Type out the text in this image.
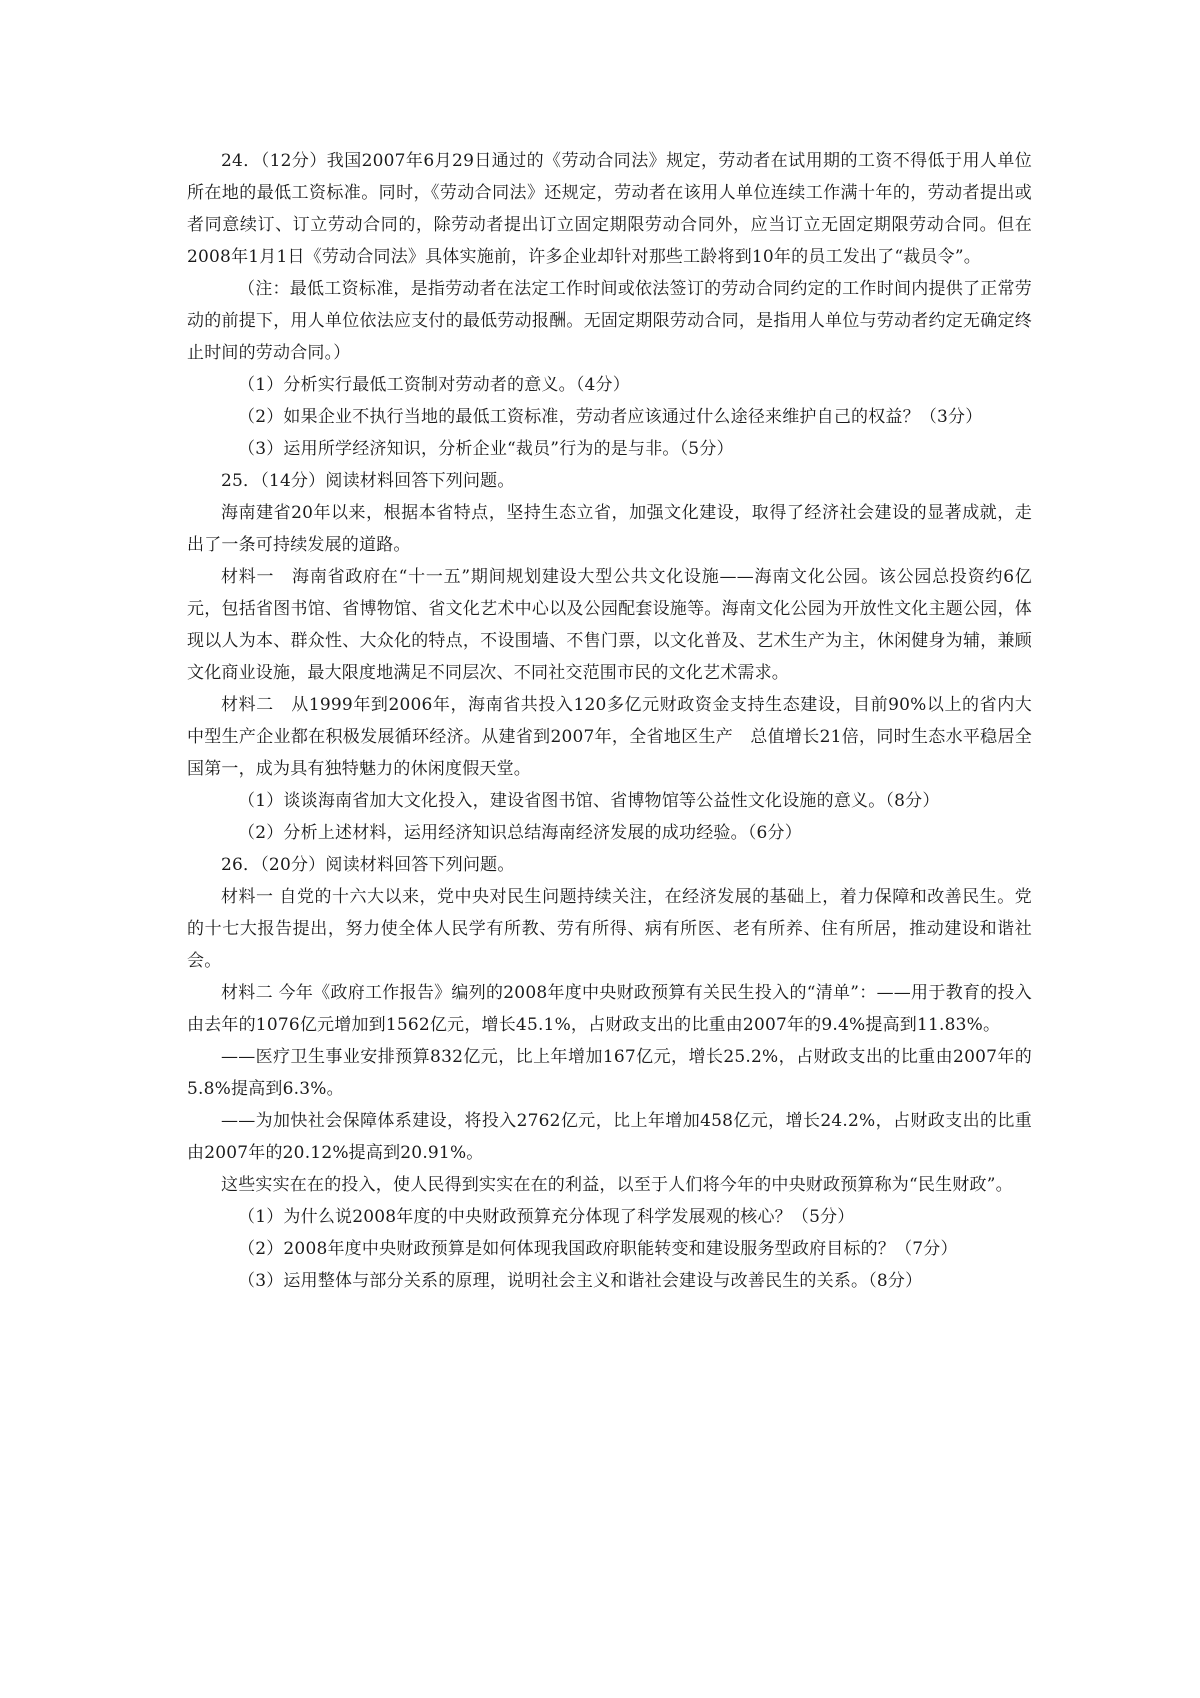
24．（12分）我国2007年6月29日通过的《劳动合同法》规定，劳动者在试用期的工资不得低于用人单位所在地的最低工资标准。同时，《劳动合同法》还规定，劳动者在该用人单位连续工作满十年的，劳动者提出或者同意续订、订立劳动合同的，除劳动者提出订立固定期限劳动合同外，应当订立无固定期限劳动合同。但在2008年1月1日《劳动合同法》具体实施前，许多企业却针对那些工龄将到10年的员工发出了“裁员令”。

（注：最低工资标准，是指劳动者在法定工作时间或依法签订的劳动合同约定的工作时间内提供了正常劳动的前提下，用人单位依法应支付的最低劳动报酬。无固定期限劳动合同，是指用人单位与劳动者约定无确定终止时间的劳动合同。）

（1）分析实行最低工资制对劳动者的意义。（4分）

（2）如果企业不执行当地的最低工资标准，劳动者应该通过什么途径来维护自己的权益？（3分）

（3）运用所学经济知识，分析企业“裁员”行为的是与非。（5分）

25．（14分）阅读材料回答下列问题。

海南建省20年以来，根据本省特点，坚持生态立省，加强文化建设，取得了经济社会建设的显著成就，走出了一条可持续发展的道路。

材料一　海南省政府在“十一五”期间规划建设大型公共文化设施——海南文化公园。该公园总投资约6亿元，包括省图书馆、省博物馆、省文化艺术中心以及公园配套设施等。海南文化公园为开放性文化主题公园，体现以人为本、群众性、大众化的特点，不设围墙、不售门票，以文化普及、艺术生产为主，休闲健身为辅，兼顾文化商业设施，最大限度地满足不同层次、不同社交范围市民的文化艺术需求。

材料二　从1999年到2006年，海南省共投入120多亿元财政资金支持生态建设，目前90%以上的省内大中型生产企业都在积极发展循环经济。从建省到2007年，全省地区生产　总值增长21倍，同时生态水平稳居全国第一，成为具有独特魅力的休闲度假天堂。

（1）谈谈海南省加大文化投入，建设省图书馆、省博物馆等公益性文化设施的意义。（8分）

（2）分析上述材料，运用经济知识总结海南经济发展的成功经验。（6分）

26．（20分）阅读材料回答下列问题。

材料一 自党的十六大以来，党中央对民生问题持续关注，在经济发展的基础上，着力保障和改善民生。党的十七大报告提出，努力使全体人民学有所教、劳有所得、病有所医、老有所养、住有所居，推动建设和谐社会。

材料二 今年《政府工作报告》编列的2008年度中央财政预算有关民生投入的“清单”：——用于教育的投入由去年的1076亿元增加到1562亿元，增长45.1%，占财政支出的比重由2007年的9.4%提高到11.83%。

——医疗卫生事业安排预算832亿元，比上年增加167亿元，增长25.2%，占财政支出的比重由2007年的5.8%提高到6.3%。

——为加快社会保障体系建设，将投入2762亿元，比上年增加458亿元，增长24.2%，占财政支出的比重由2007年的20.12%提高到20.91%。

这些实实在在的投入，使人民得到实实在在的利益，以至于人们将今年的中央财政预算称为“民生财政”。

（1）为什么说2008年度的中央财政预算充分体现了科学发展观的核心？（5分）

（2）2008年度中央财政预算是如何体现我国政府职能转变和建设服务型政府目标的？（7分）

（3）运用整体与部分关系的原理，说明社会主义和谐社会建设与改善民生的关系。（8分）
